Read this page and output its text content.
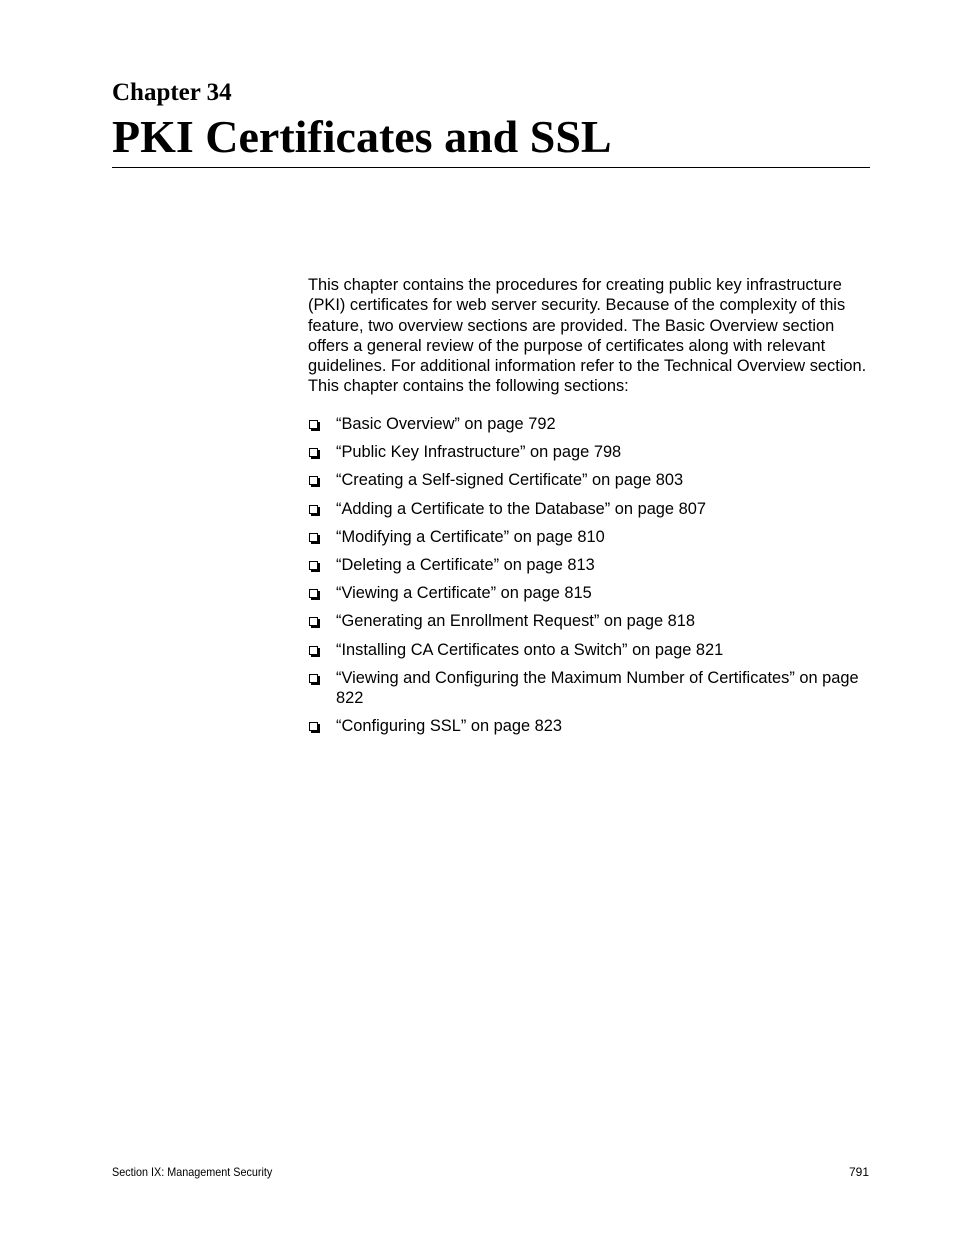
Chapter 34
PKI Certificates and SSL

This chapter contains the procedures for creating public key infrastructure (PKI) certificates for web server security. Because of the complexity of this feature, two overview sections are provided. The Basic Overview section offers a general review of the purpose of certificates along with relevant guidelines. For additional information refer to the Technical Overview section. This chapter contains the following sections:

“Basic Overview” on page 792
“Public Key Infrastructure” on page 798
“Creating a Self-signed Certificate” on page 803
“Adding a Certificate to the Database” on page 807
“Modifying a Certificate” on page 810
“Deleting a Certificate” on page 813
“Viewing a Certificate” on page 815
“Generating an Enrollment Request” on page 818
“Installing CA Certificates onto a Switch” on page 821
“Viewing and Configuring the Maximum Number of Certificates” on page 822
“Configuring SSL” on page 823
Section IX: Management Security	791
